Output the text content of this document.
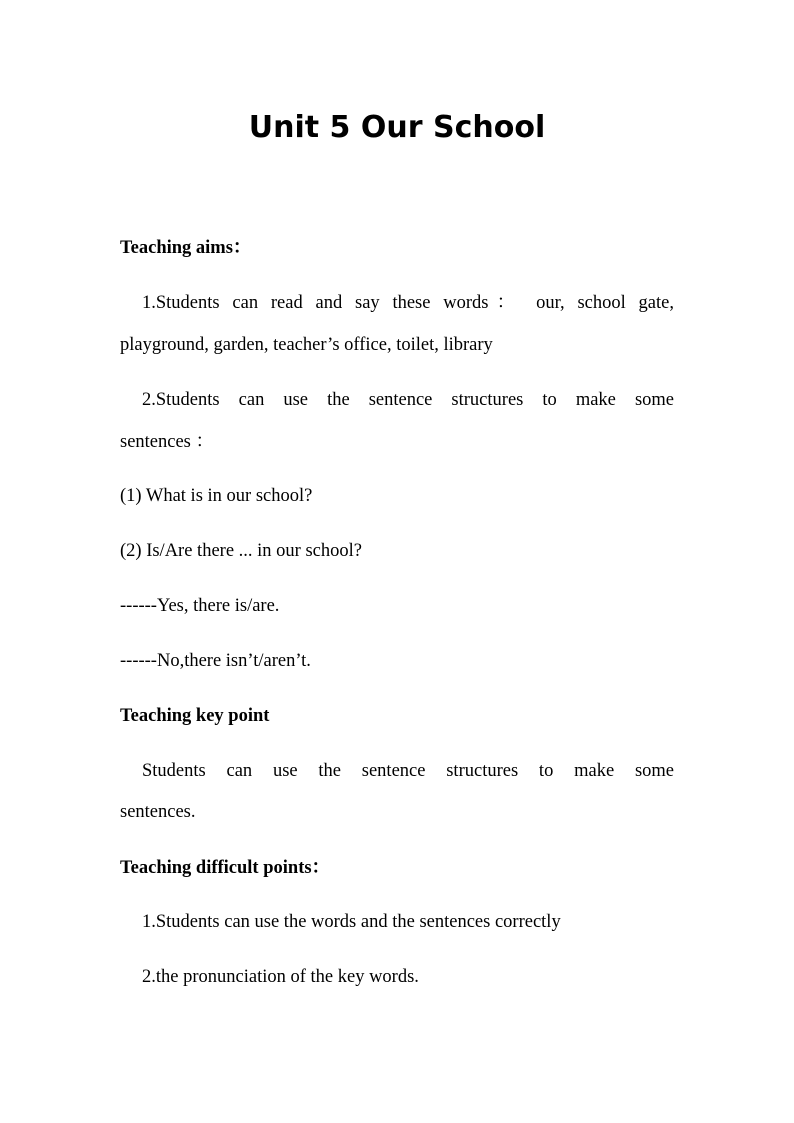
Unit 5 Our School

Teaching aims：

1.Students can read and say these words： our, school gate,

playground, garden, teacher’s office, toilet, library

2.Students can use the sentence structures to make some

sentences ：

(1) What is in our school?

(2) Is/Are there ... in our school?

------Yes, there is/are.

------No,there isn’t/aren’t.

Teaching key point

Students can use the sentence structures to make some

sentences.

Teaching difficult points：

1.Students can use the words and the sentences correctly

2.the pronunciation of the key words.
